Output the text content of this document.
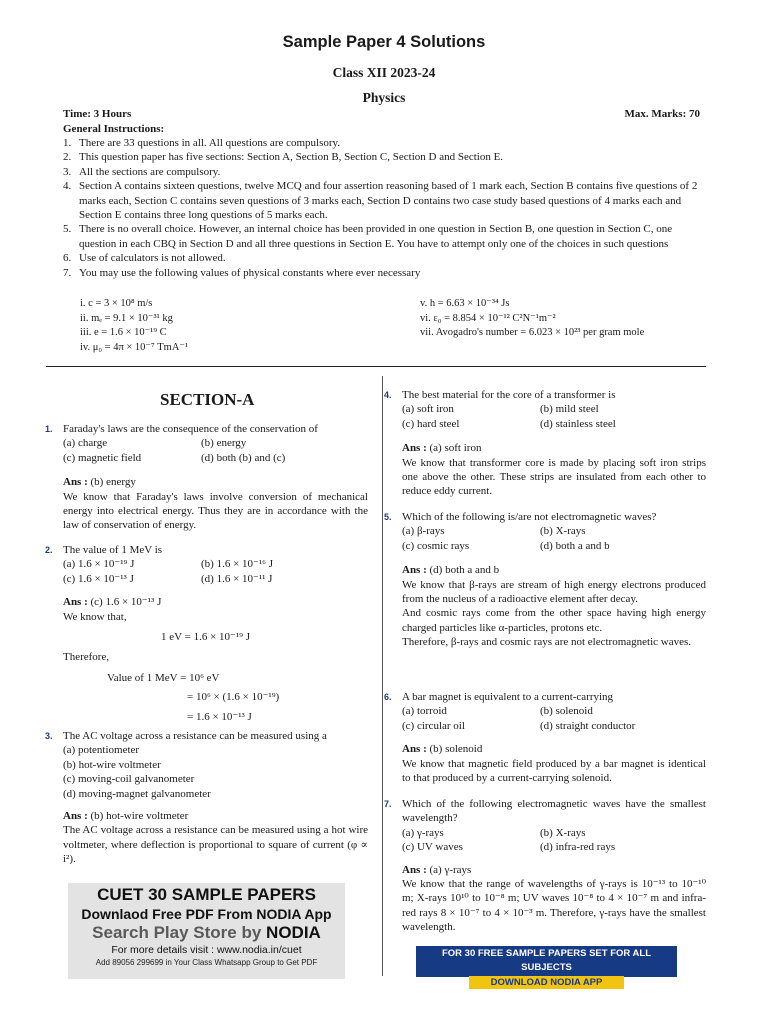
Sample Paper 4 Solutions
Class XII 2023-24
Physics
Time: 3 Hours	Max. Marks: 70
General Instructions:
1. There are 33 questions in all. All questions are compulsory.
2. This question paper has five sections: Section A, Section B, Section C, Section D and Section E.
3. All the sections are compulsory.
4. Section A contains sixteen questions, twelve MCQ and four assertion reasoning based of 1 mark each, Section B contains five questions of 2 marks each, Section C contains seven questions of 3 marks each, Section D contains two case study based questions of 4 marks each and Section E contains three long questions of 5 marks each.
5. There is no overall choice. However, an internal choice has been provided in one question in Section B, one question in Section C, one question in each CBQ in Section D and all three questions in Section E. You have to attempt only one of the choices in such questions
6. Use of calculators is not allowed.
7. You may use the following values of physical constants where ever necessary
i. c = 3 × 10⁸ m/s
ii. mₑ = 9.1 × 10⁻³¹ kg
iii. e = 1.6 × 10⁻¹⁹ C
iv. μ₀ = 4π × 10⁻⁷ TmA⁻¹
v. h = 6.63 × 10⁻³⁴ Js
vi. ε₀ = 8.854 × 10⁻¹² C²N⁻¹m⁻²
vii. Avogadro's number = 6.023 × 10²³ per gram mole
SECTION-A
1. Faraday's laws are the consequence of the conservation of
(a) charge	(b) energy
(c) magnetic field	(d) both (b) and (c)
Ans : (b) energy
We know that Faraday's laws involve conversion of mechanical energy into electrical energy. Thus they are in accordance with the law of conservation of energy.
2. The value of 1 MeV is
(a) 1.6 × 10⁻¹⁹ J	(b) 1.6 × 10⁻¹⁶ J
(c) 1.6 × 10⁻¹³ J	(d) 1.6 × 10⁻¹¹ J
Ans : (c) 1.6 × 10⁻¹³ J
We know that,
1 eV = 1.6 × 10⁻¹⁹ J
Therefore,
Value of 1 MeV = 10⁶ eV
= 10⁶ × (1.6 × 10⁻¹⁹)
= 1.6 × 10⁻¹³ J
3. The AC voltage across a resistance can be measured using a
(a) potentiometer
(b) hot-wire voltmeter
(c) moving-coil galvanometer
(d) moving-magnet galvanometer
Ans : (b) hot-wire voltmeter
The AC voltage across a resistance can be measured using a hot wire voltmeter, where deflection is proportional to square of current (φ ∝ i²).
4. The best material for the core of a transformer is
(a) soft iron	(b) mild steel
(c) hard steel	(d) stainless steel
Ans : (a) soft iron
We know that transformer core is made by placing soft iron strips one above the other. These strips are insulated from each other to reduce eddy current.
5. Which of the following is/are not electromagnetic waves?
(a) β-rays	(b) X-rays
(c) cosmic rays	(d) both a and b
Ans : (d) both a and b
We know that β-rays are stream of high energy electrons produced from the nucleus of a radioactive element after decay.
And cosmic rays come from the other space having high energy charged particles like α-particles, protons etc.
Therefore, β-rays and cosmic rays are not electromagnetic waves.
6. A bar magnet is equivalent to a current-carrying
(a) torroid	(b) solenoid
(c) circular oil	(d) straight conductor
Ans : (b) solenoid
We know that magnetic field produced by a bar magnet is identical to that produced by a current-carrying solenoid.
7. Which of the following electromagnetic waves have the smallest wavelength?
(a) γ-rays	(b) X-rays
(c) UV waves	(d) infra-red rays
Ans : (a) γ-rays
We know that the range of wavelengths of γ-rays is 10⁻¹³ to 10⁻¹⁰ m; X-rays 10¹⁰ to 10⁻⁸ m; UV waves 10⁻⁸ to 4 × 10⁻⁷ m and infra-red rays 8 × 10⁻⁷ to 4 × 10⁻³ m. Therefore, γ-rays have the smallest wavelength.
CUET 30 SAMPLE PAPERS
Downlaod Free PDF From NODIA App
Search Play Store by NODIA
For more details visit : www.nodia.in/cuet
Add 89056 299699 in Your Class Whatsapp Group to Get PDF
FOR 30 FREE SAMPLE PAPERS SET FOR ALL SUBJECTS
DOWNLOAD NODIA APP
